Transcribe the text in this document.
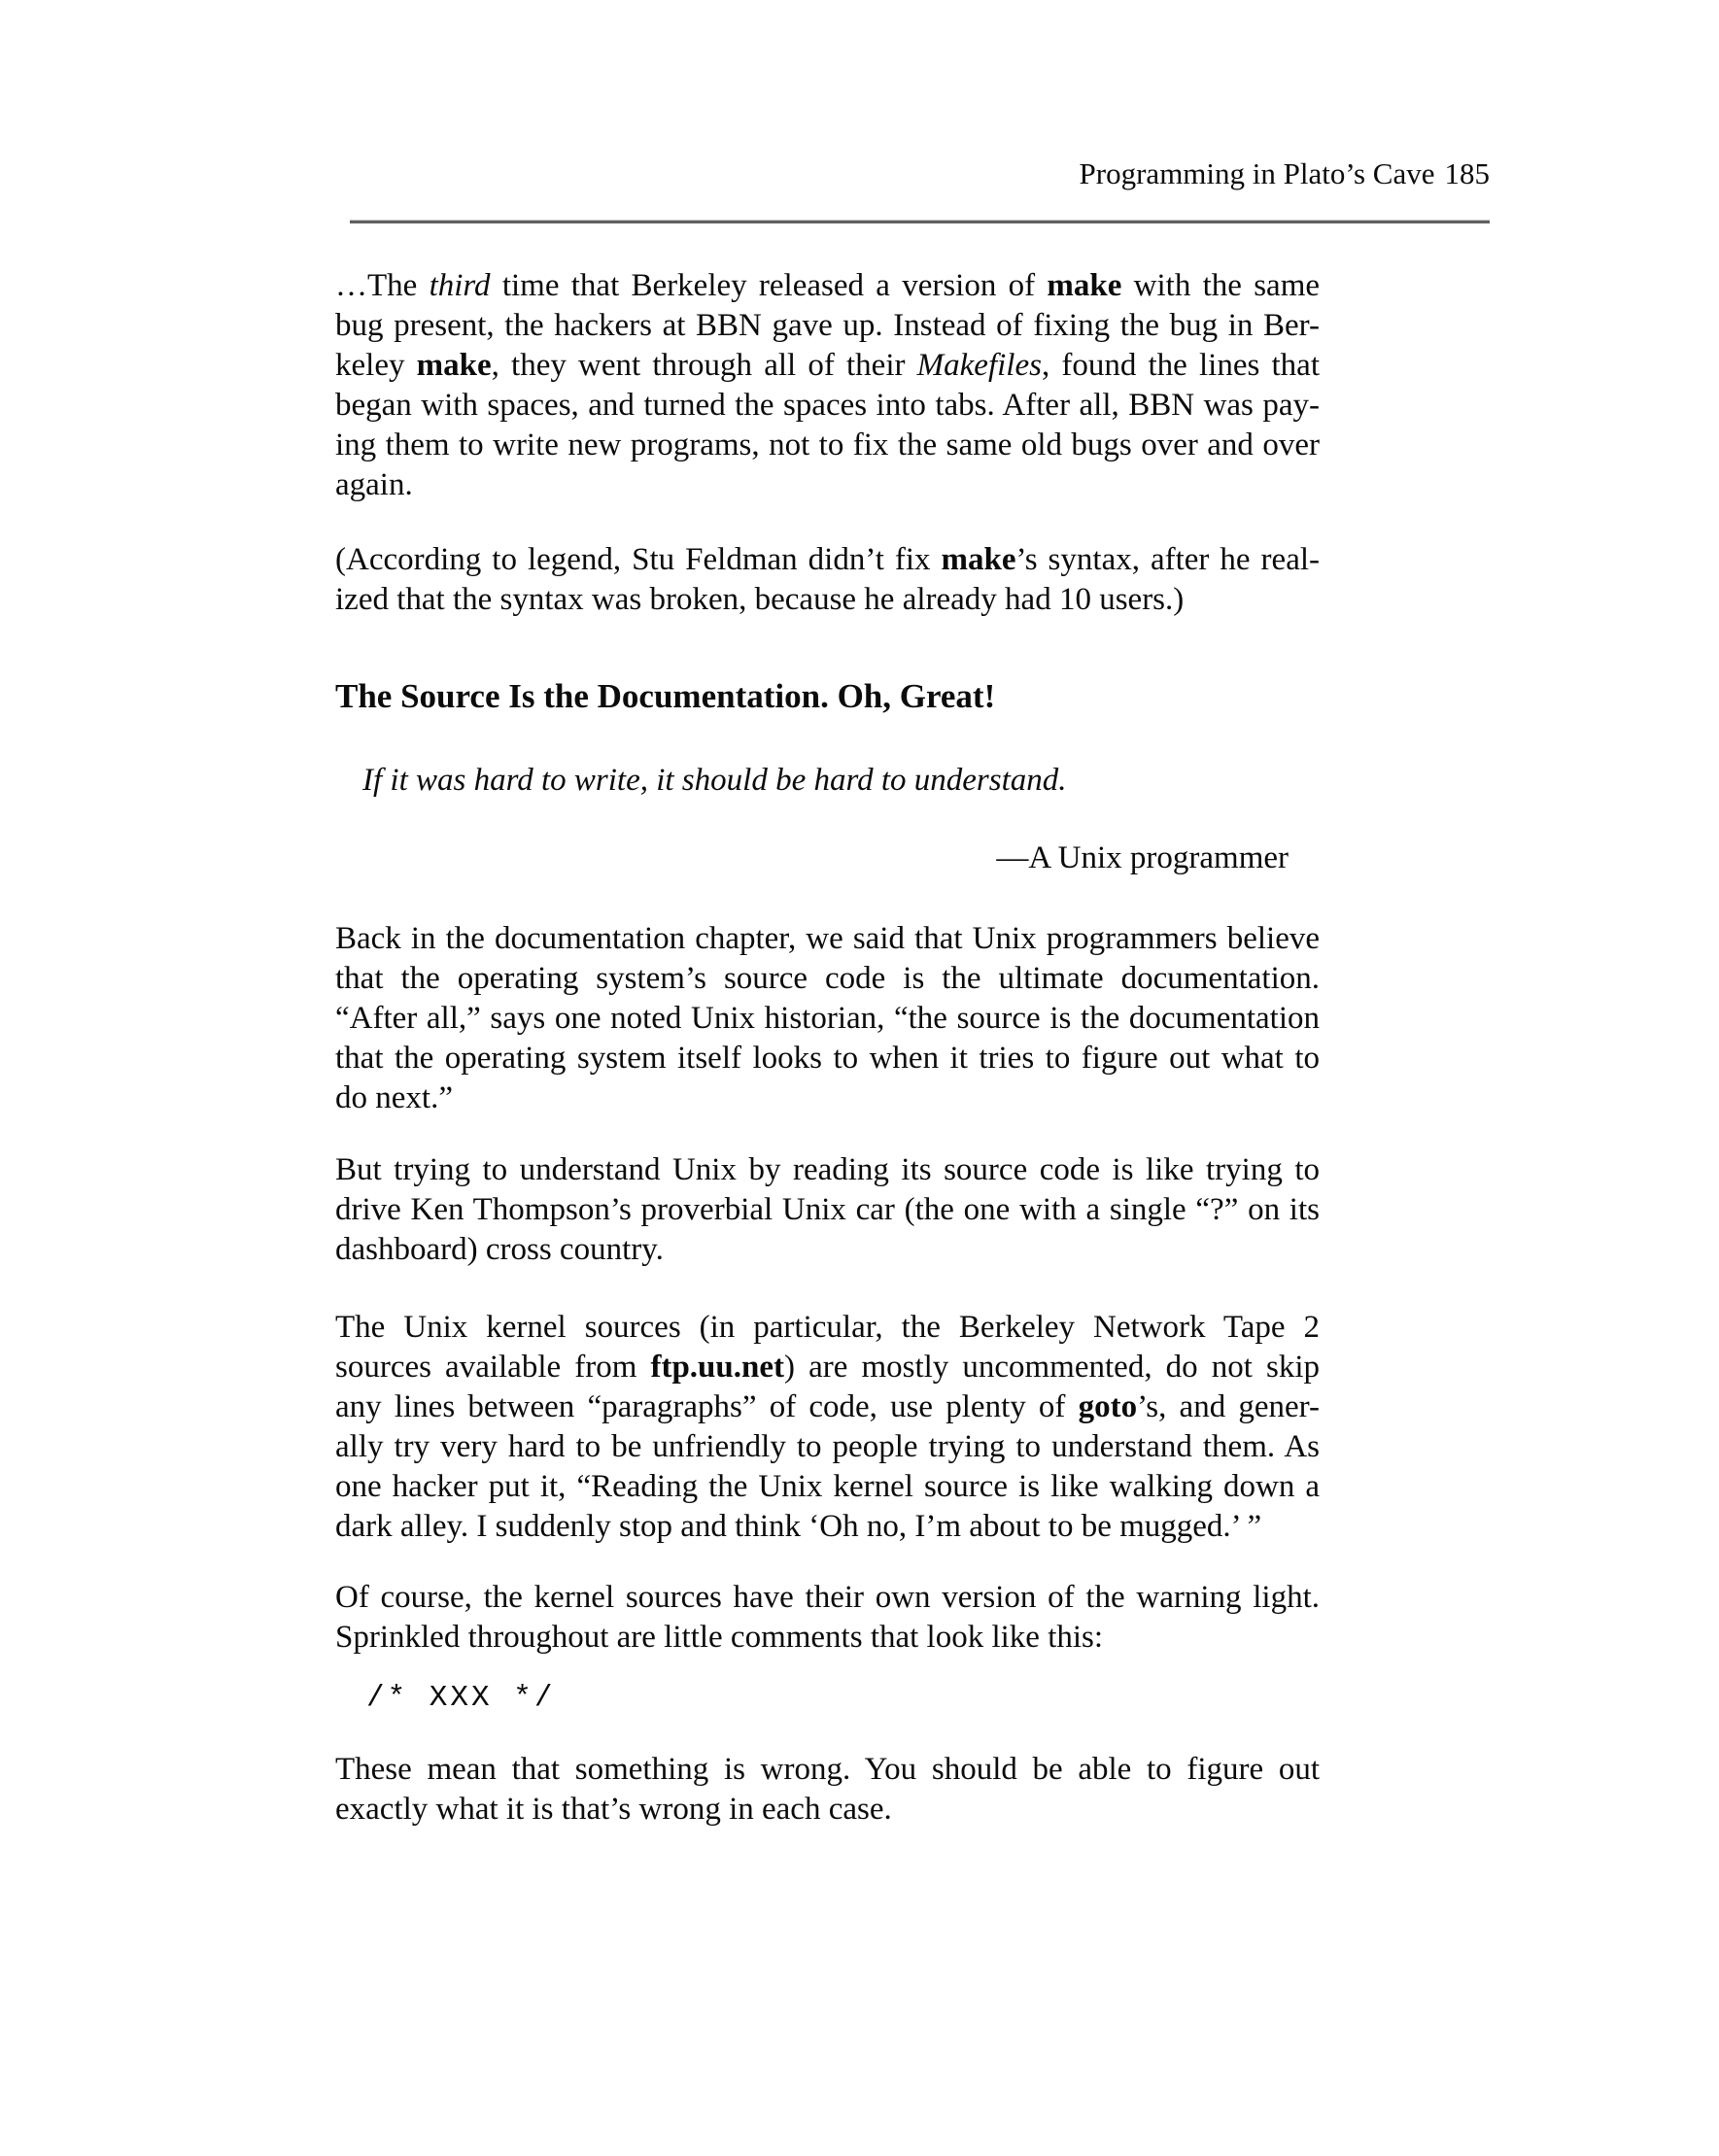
Programming in Plato’s Cave 185
…The third time that Berkeley released a version of make with the same
bug present, the hackers at BBN gave up. Instead of fixing the bug in Ber-
keley make, they went through all of their Makefiles, found the lines that
began with spaces, and turned the spaces into tabs. After all, BBN was pay-
ing them to write new programs, not to fix the same old bugs over and over
again.
(According to legend, Stu Feldman didn’t fix make’s syntax, after he real-
ized that the syntax was broken, because he already had 10 users.)
The Source Is the Documentation. Oh, Great!
If it was hard to write, it should be hard to understand.
—A Unix programmer
Back in the documentation chapter, we said that Unix programmers believe
that the operating system’s source code is the ultimate documentation.
“After all,” says one noted Unix historian, “the source is the documentation
that the operating system itself looks to when it tries to figure out what to
do next.”
But trying to understand Unix by reading its source code is like trying to
drive Ken Thompson’s proverbial Unix car (the one with a single “?” on its
dashboard) cross country.
The Unix kernel sources (in particular, the Berkeley Network Tape 2
sources available from ftp.uu.net) are mostly uncommented, do not skip
any lines between “paragraphs” of code, use plenty of goto’s, and gener-
ally try very hard to be unfriendly to people trying to understand them. As
one hacker put it, “Reading the Unix kernel source is like walking down a
dark alley. I suddenly stop and think ‘Oh no, I’m about to be mugged.’ ”
Of course, the kernel sources have their own version of the warning light.
Sprinkled throughout are little comments that look like this:
/* XXX */
These mean that something is wrong. You should be able to figure out
exactly what it is that’s wrong in each case.
